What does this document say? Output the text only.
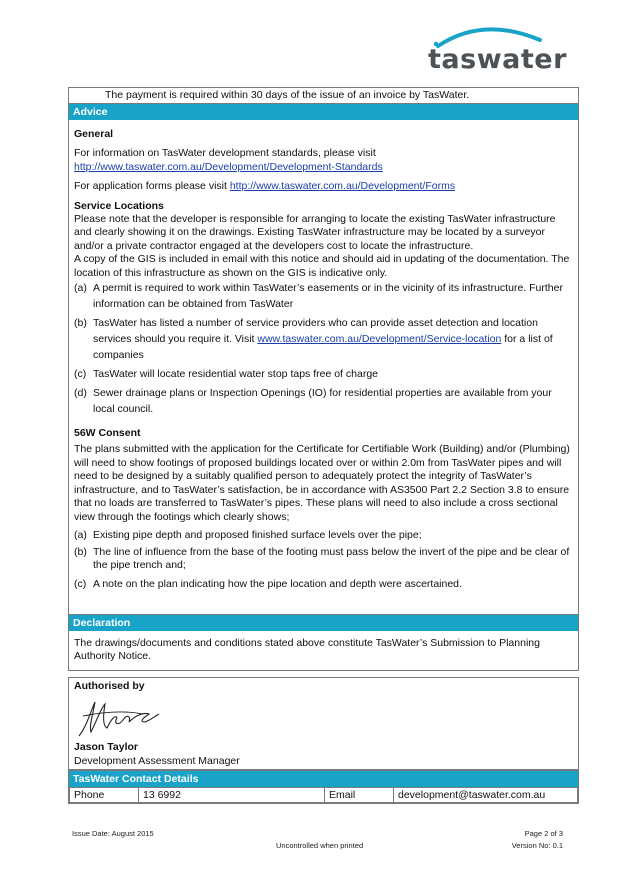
taswater
The payment is required within 30 days of the issue of an invoice by TasWater.
Advice
General

For information on TasWater development standards, please visit
http://www.taswater.com.au/Development/Development-Standards

For application forms please visit http://www.taswater.com.au/Development/Forms

Service Locations
Please note that the developer is responsible for arranging to locate the existing TasWater infrastructure and clearly showing it on the drawings. Existing TasWater infrastructure may be located by a surveyor and/or a private contractor engaged at the developers cost to locate the infrastructure.
A copy of the GIS is included in email with this notice and should aid in updating of the documentation. The location of this infrastructure as shown on the GIS is indicative only.
(a) A permit is required to work within TasWater’s easements or in the vicinity of its infrastructure. Further information can be obtained from TasWater
(b) TasWater has listed a number of service providers who can provide asset detection and location services should you require it. Visit www.taswater.com.au/Development/Service-location for a list of companies
(c) TasWater will locate residential water stop taps free of charge
(d) Sewer drainage plans or Inspection Openings (IO) for residential properties are available from your local council.
56W Consent
The plans submitted with the application for the Certificate for Certifiable Work (Building) and/or (Plumbing) will need to show footings of proposed buildings located over or within 2.0m from TasWater pipes and will need to be designed by a suitably qualified person to adequately protect the integrity of TasWater’s infrastructure, and to TasWater’s satisfaction, be in accordance with AS3500 Part 2.2 Section 3.8 to ensure that no loads are transferred to TasWater’s pipes. These plans will need to also include a cross sectional view through the footings which clearly shows;
(a) Existing pipe depth and proposed finished surface levels over the pipe;
(b) The line of influence from the base of the footing must pass below the invert of the pipe and be clear of the pipe trench and;
(c) A note on the plan indicating how the pipe location and depth were ascertained.
Declaration
The drawings/documents and conditions stated above constitute TasWater’s Submission to Planning Authority Notice.
Authorised by
Jason Taylor
Development Assessment Manager
TasWater Contact Details
Phone	13 6992	Email	development@taswater.com.au
Issue Date: August 2015
Uncontrolled when printed
Page 2 of 3
Version No: 0.1
